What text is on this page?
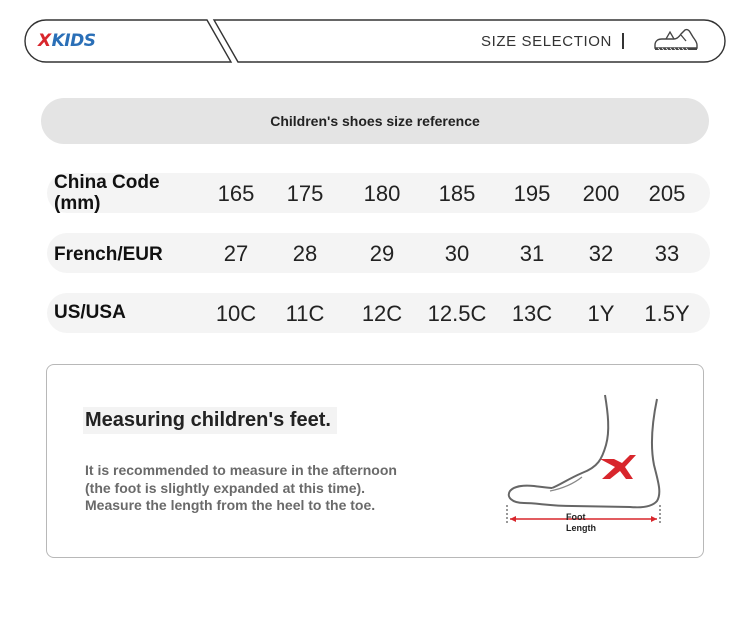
XKIDS	SIZE SELECTION
Children's shoes size reference
China Code
(mm)	165	175	180	185	195	200	205
French/EUR	27	28	29	30	31	32	33
US/USA	10C	11C	12C	12.5C	13C	1Y	1.5Y
Measuring children's feet.
It is recommended to measure in the afternoon
(the foot is slightly expanded at this time).
Measure the length from the heel to the toe.
Foot
Length
